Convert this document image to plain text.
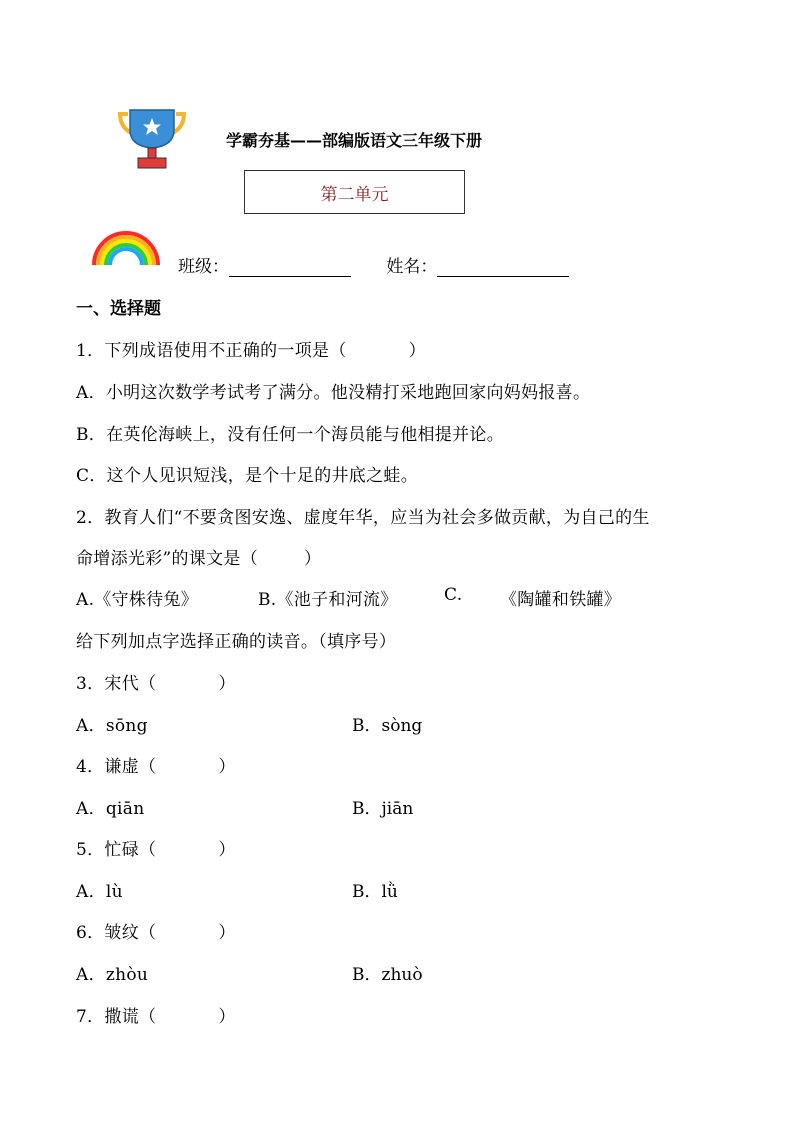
学霸夯基——部编版语文三年级下册
第二单元
班级：	姓名：
一、选择题
1．下列成语使用不正确的一项是（	）
A．小明这次数学考试考了满分。他没精打采地跑回家向妈妈报喜。
B．在英伦海峡上，没有任何一个海员能与他相提并论。
C．这个人见识短浅，是个十足的井底之蛙。
2．教育人们“不要贪图安逸、虚度年华，应当为社会多做贡献，为自己的生
命增添光彩”的课文是（	）
A.《守株待兔》	B.《池子和河流》	C. 《陶罐和铁罐》
给下列加点字选择正确的读音。（填序号）
3．宋代（	）
A．sōng	B．sòng
4．谦虚（	）
A．qiān	B．jiān
5．忙碌（	）
A．lù	B．lǜ
6．皱纹（	）
A．zhòu	B．zhuò
7．撒谎（	）
